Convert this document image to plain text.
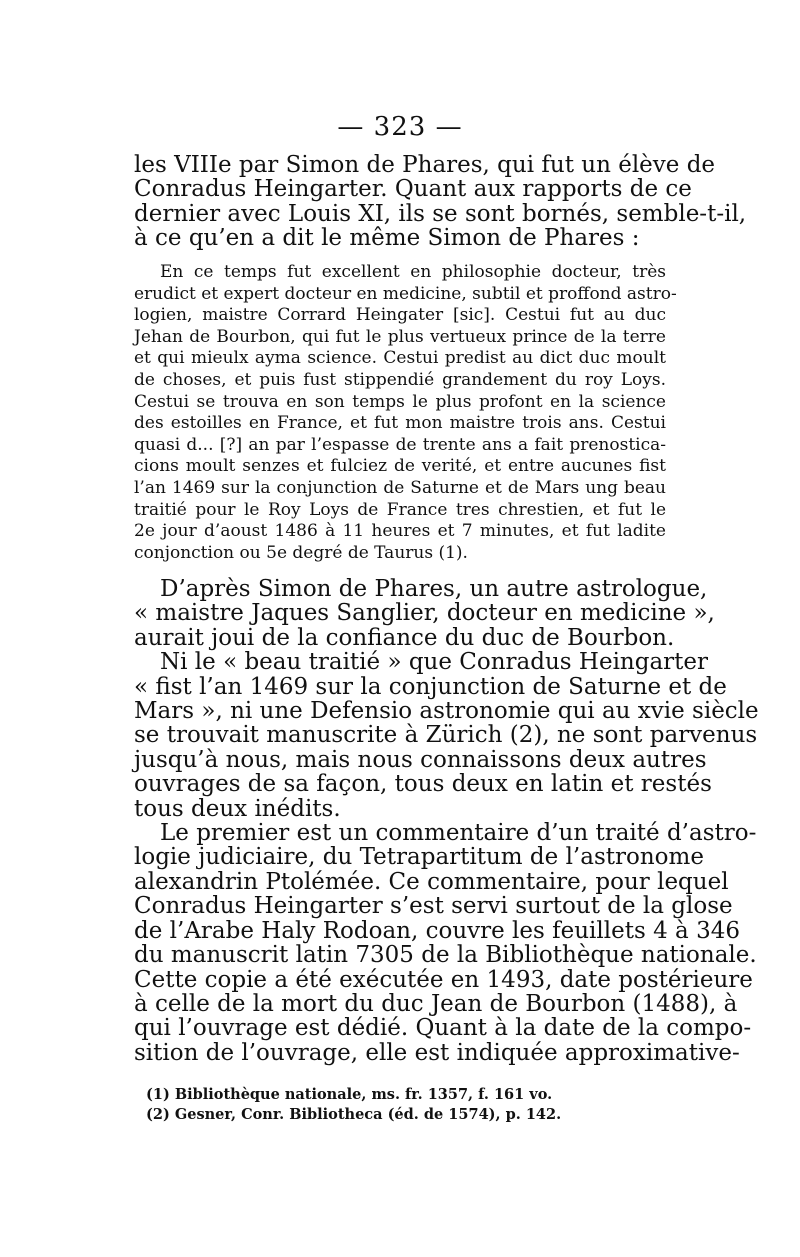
— 323 —
les VIIIe par Simon de Phares, qui fut un élève de
Conradus Heingarter. Quant aux rapports de ce
dernier avec Louis XI, ils se sont bornés, semble-t-il,
à ce qu’en a dit le même Simon de Phares :
En ce temps fut excellent en philosophie docteur, très
erudict et expert docteur en medicine, subtil et proffond astro-
logien, maistre Corrard Heingater [sic]. Cestui fut au duc
Jehan de Bourbon, qui fut le plus vertueux prince de la terre
et qui mieulx ayma science. Cestui predist au dict duc moult
de choses, et puis fust stippendié grandement du roy Loys.
Cestui se trouva en son temps le plus profont en la science
des estoilles en France, et fut mon maistre trois ans. Cestui
quasi d... [?] an par l’espasse de trente ans a fait prenostica-
cions moult senzes et fulciez de verité, et entre aucunes fist
l’an 1469 sur la conjunction de Saturne et de Mars ung beau
traitié pour le Roy Loys de France tres chrestien, et fut le
2e jour d’aoust 1486 à 11 heures et 7 minutes, et fut ladite
conjonction ou 5e degré de Taurus (1).
D’après Simon de Phares, un autre astrologue,
« maistre Jaques Sanglier, docteur en medicine »,
aurait joui de la confiance du duc de Bourbon.
Ni le « beau traitié » que Conradus Heingarter
« fist l’an 1469 sur la conjunction de Saturne et de
Mars », ni une Defensio astronomie qui au xvie siècle
se trouvait manuscrite à Zürich (2), ne sont parvenus
jusqu’à nous, mais nous connaissons deux autres
ouvrages de sa façon, tous deux en latin et restés
tous deux inédits.
Le premier est un commentaire d’un traité d’astro-
logie judiciaire, du Tetrapartitum de l’astronome
alexandrin Ptolémée. Ce commentaire, pour lequel
Conradus Heingarter s’est servi surtout de la glose
de l’Arabe Haly Rodoan, couvre les feuillets 4 à 346
du manuscrit latin 7305 de la Bibliothèque nationale.
Cette copie a été exécutée en 1493, date postérieure
à celle de la mort du duc Jean de Bourbon (1488), à
qui l’ouvrage est dédié. Quant à la date de la compo-
sition de l’ouvrage, elle est indiquée approximative-
(1) Bibliothèque nationale, ms. fr. 1357, f. 161 vo.
(2) Gesner, Conr. Bibliotheca (éd. de 1574), p. 142.
